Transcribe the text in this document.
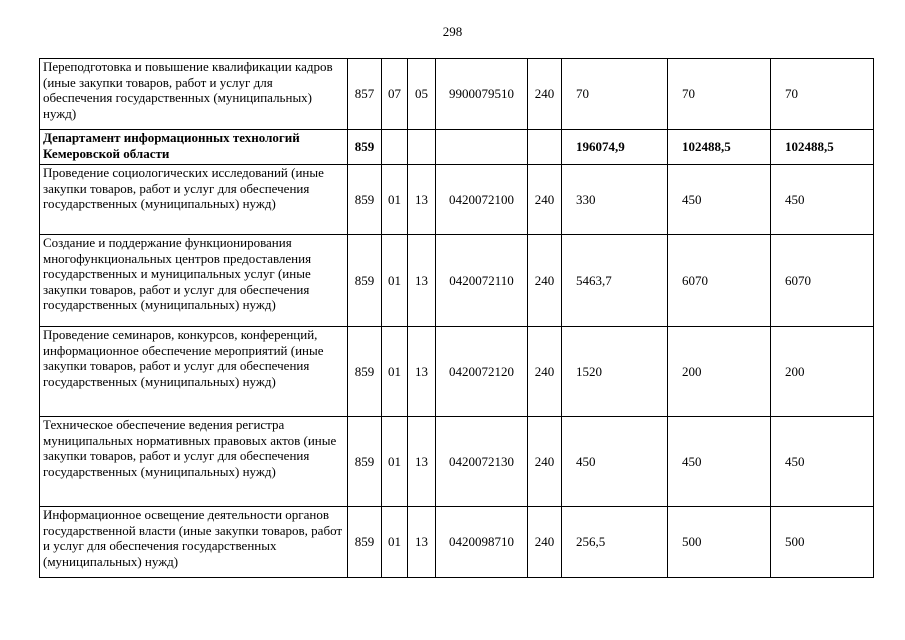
298
Переподготовка и повышение квалификации кадров (иные закупки товаров, работ и услуг для обеспечения государственных (муниципальных) нужд)	857	07	05	9900079510	240	70	70	70
Департамент информационных технологий Кемеровской области	859					196074,9	102488,5	102488,5
Проведение социологических исследований (иные закупки товаров, работ и услуг для обеспечения государственных (муниципальных) нужд)	859	01	13	0420072100	240	330	450	450
Создание и поддержание функционирования многофункциональных центров предоставления государственных и муниципальных услуг (иные закупки товаров, работ и услуг для обеспечения государственных (муниципальных) нужд)	859	01	13	0420072110	240	5463,7	6070	6070
Проведение семинаров, конкурсов, конференций, информационное обеспечение мероприятий (иные закупки товаров, работ и услуг для обеспечения государственных (муниципальных) нужд)	859	01	13	0420072120	240	1520	200	200
Техническое обеспечение ведения регистра муниципальных нормативных правовых актов (иные закупки товаров, работ и услуг для обеспечения государственных (муниципальных) нужд)	859	01	13	0420072130	240	450	450	450
Информационное освещение деятельности органов государственной власти (иные закупки товаров, работ и услуг для обеспечения государственных (муниципальных) нужд)	859	01	13	0420098710	240	256,5	500	500
